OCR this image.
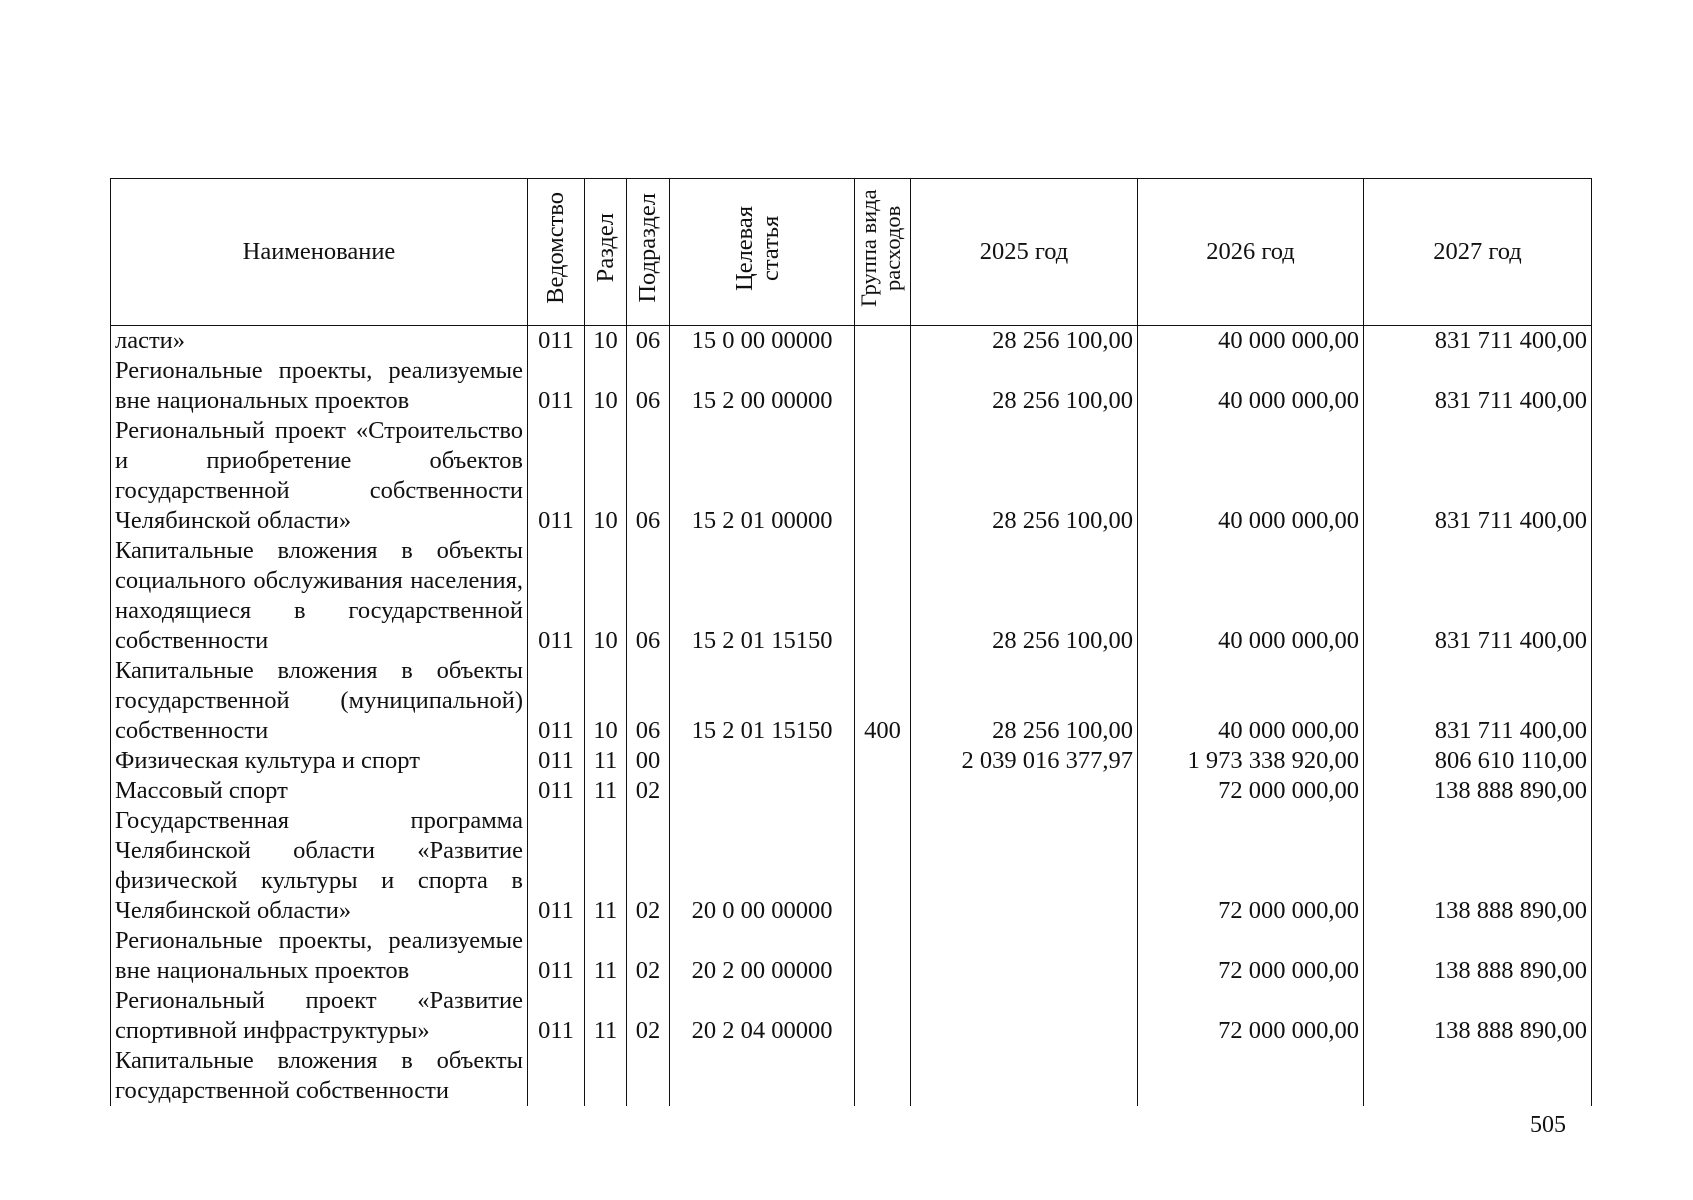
Наименование	Ведомство	Раздел	Подраздел	Целевая статья	Группа вида расходов	2025 год	2026 год	2027 год
ласти»	011	10	06	15 0 00 00000		28 256 100,00	40 000 000,00	831 711 400,00
Региональные проекты, реализуемые вне национальных проектов	011	10	06	15 2 00 00000		28 256 100,00	40 000 000,00	831 711 400,00
Региональный проект «Строительство и приобретение объектов государственной собственности Челябинской области»	011	10	06	15 2 01 00000		28 256 100,00	40 000 000,00	831 711 400,00
Капитальные вложения в объекты социального обслуживания населения, находящиеся в государственной собственности	011	10	06	15 2 01 15150		28 256 100,00	40 000 000,00	831 711 400,00
Капитальные вложения в объекты государственной (муниципальной) собственности	011	10	06	15 2 01 15150	400	28 256 100,00	40 000 000,00	831 711 400,00
Физическая культура и спорт	011	11	00			2 039 016 377,97	1 973 338 920,00	806 610 110,00
Массовый спорт	011	11	02				72 000 000,00	138 888 890,00
Государственная программа Челябинской области «Развитие физической культуры и спорта в Челябинской области»	011	11	02	20 0 00 00000			72 000 000,00	138 888 890,00
Региональные проекты, реализуемые вне национальных проектов	011	11	02	20 2 00 00000			72 000 000,00	138 888 890,00
Региональный проект «Развитие спортивной инфраструктуры»	011	11	02	20 2 04 00000			72 000 000,00	138 888 890,00
Капитальные вложения в объекты государственной собственности								
505
